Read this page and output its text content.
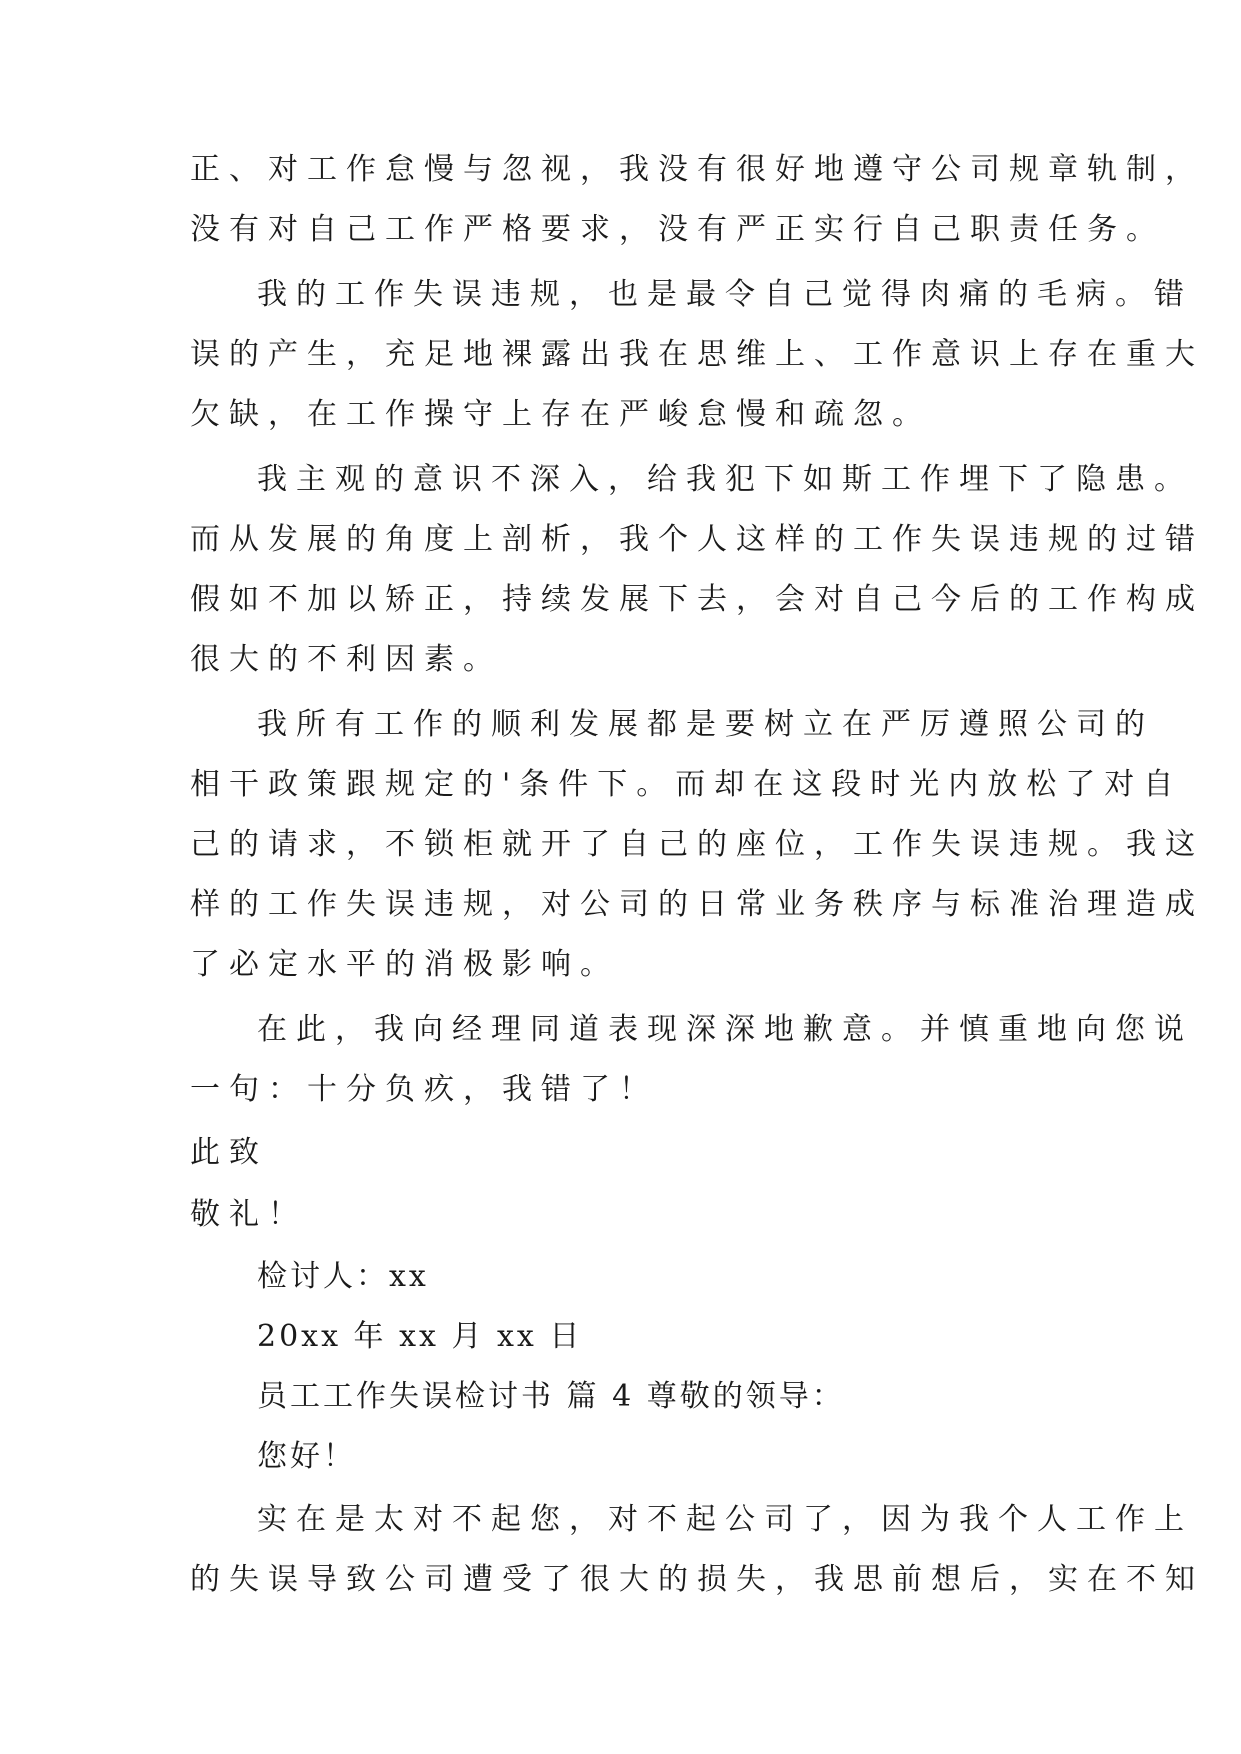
正、对工作怠慢与忽视，我没有很好地遵守公司规章轨制，
没有对自己工作严格要求，没有严正实行自己职责任务。
我的工作失误违规，也是最令自己觉得肉痛的毛病。错
误的产生，充足地裸露出我在思维上、工作意识上存在重大
欠缺，在工作操守上存在严峻怠慢和疏忽。
我主观的意识不深入，给我犯下如斯工作埋下了隐患。
而从发展的角度上剖析，我个人这样的工作失误违规的过错
假如不加以矫正，持续发展下去，会对自己今后的工作构成
很大的不利因素。
我所有工作的顺利发展都是要树立在严厉遵照公司的
相干政策跟规定的'条件下。而却在这段时光内放松了对自
己的请求，不锁柜就开了自己的座位，工作失误违规。我这
样的工作失误违规，对公司的日常业务秩序与标准治理造成
了必定水平的消极影响。
在此，我向经理同道表现深深地歉意。并慎重地向您说
一句：十分负疚，我错了！
此致
敬礼！
检讨人：xx
20xx 年 xx 月 xx 日
员工工作失误检讨书 篇 4 尊敬的领导：
您好！
实在是太对不起您，对不起公司了，因为我个人工作上
的失误导致公司遭受了很大的损失，我思前想后，实在不知
